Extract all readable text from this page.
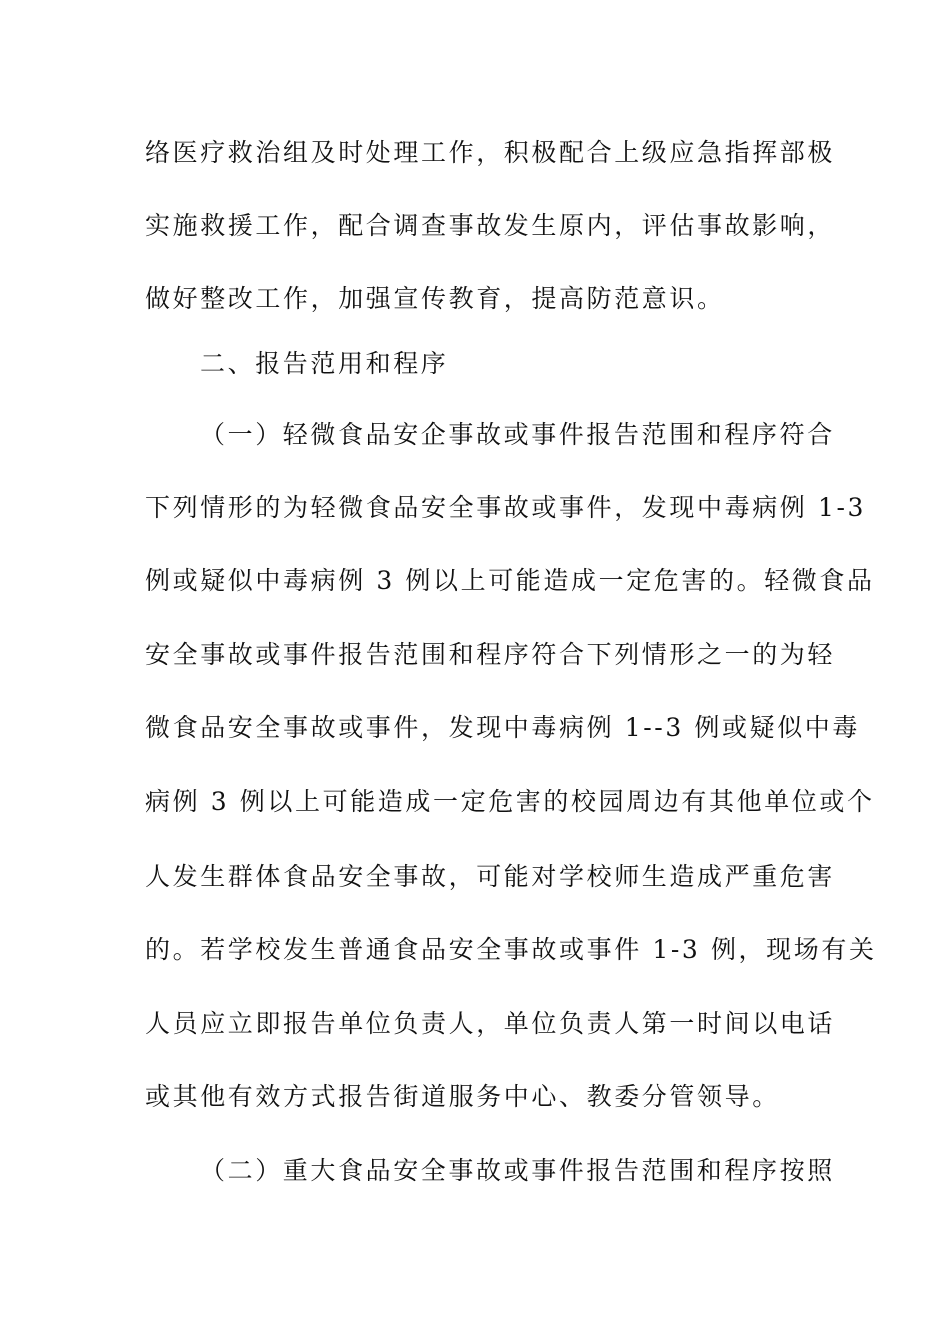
络医疗救治组及时处理工作，积极配合上级应急指挥部极
实施救援工作，配合调查事故发生原内，评估事故影响，
做好整改工作，加强宣传教育，提高防范意识。
二、报告范用和程序
（一）轻微食品安企事故或事件报告范围和程序符合
下列情形的为轻微食品安全事故或事件，发现中毒病例 1-3
例或疑似中毒病例 3 例以上可能造成一定危害的。轻微食品
安全事故或事件报告范围和程序符合下列情形之一的为轻
微食品安全事故或事件，发现中毒病例 1--3 例或疑似中毒
病例 3 例以上可能造成一定危害的校园周边有其他单位或个
人发生群体食品安全事故，可能对学校师生造成严重危害
的。若学校发生普通食品安全事故或事件 1-3 例，现场有关
人员应立即报告单位负责人，单位负责人第一时间以电话
或其他有效方式报告街道服务中心、教委分管领导。
（二）重大食品安全事故或事件报告范围和程序按照
